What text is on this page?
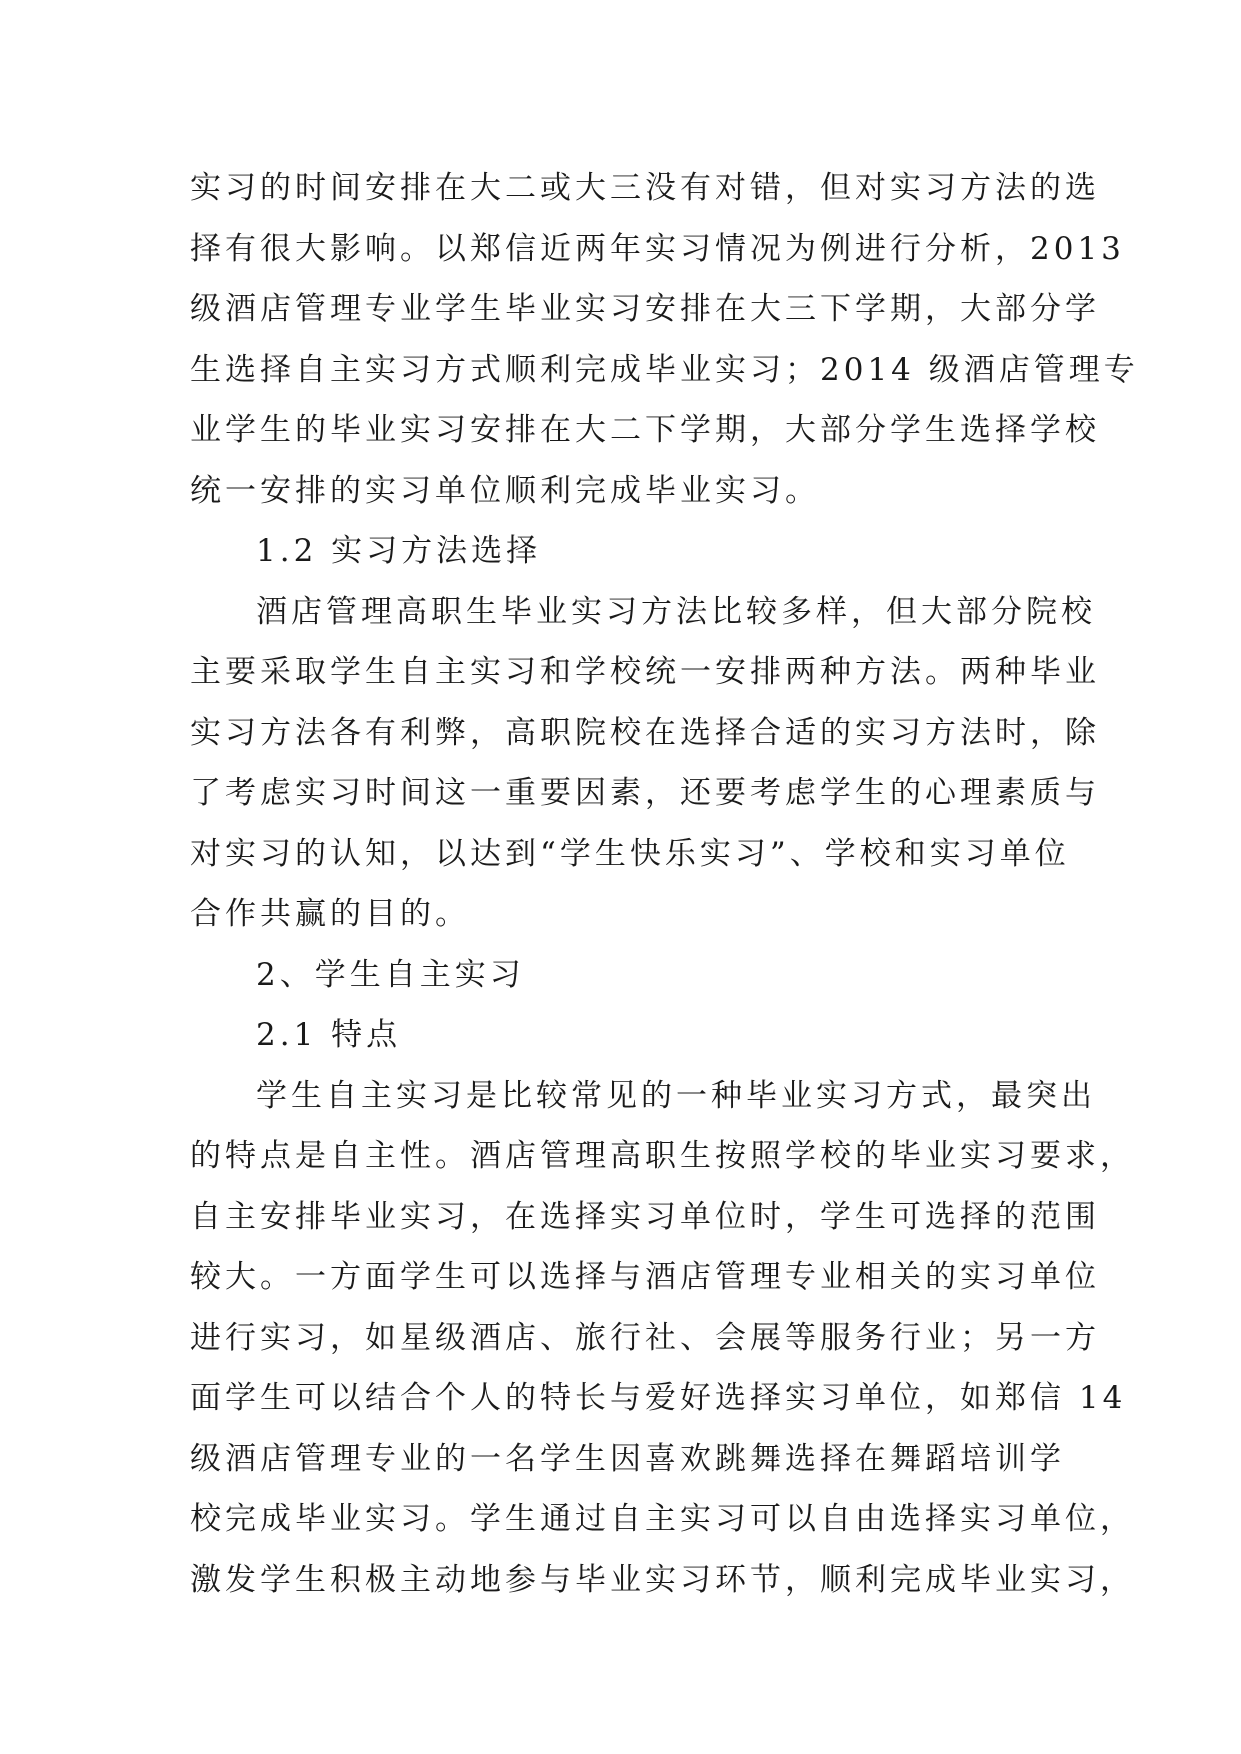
实习的时间安排在大二或大三没有对错，但对实习方法的选
择有很大影响。以郑信近两年实习情况为例进行分析，2013
级酒店管理专业学生毕业实习安排在大三下学期，大部分学
生选择自主实习方式顺利完成毕业实习；2014 级酒店管理专
业学生的毕业实习安排在大二下学期，大部分学生选择学校
统一安排的实习单位顺利完成毕业实习。
1.2 实习方法选择
酒店管理高职生毕业实习方法比较多样，但大部分院校
主要采取学生自主实习和学校统一安排两种方法。两种毕业
实习方法各有利弊，高职院校在选择合适的实习方法时，除
了考虑实习时间这一重要因素，还要考虑学生的心理素质与
对实习的认知，以达到“学生快乐实习”、学校和实习单位
合作共赢的目的。
2、学生自主实习
2.1 特点
学生自主实习是比较常见的一种毕业实习方式，最突出
的特点是自主性。酒店管理高职生按照学校的毕业实习要求，
自主安排毕业实习，在选择实习单位时，学生可选择的范围
较大。一方面学生可以选择与酒店管理专业相关的实习单位
进行实习，如星级酒店、旅行社、会展等服务行业；另一方
面学生可以结合个人的特长与爱好选择实习单位，如郑信 14
级酒店管理专业的一名学生因喜欢跳舞选择在舞蹈培训学
校完成毕业实习。学生通过自主实习可以自由选择实习单位，
激发学生积极主动地参与毕业实习环节，顺利完成毕业实习，
